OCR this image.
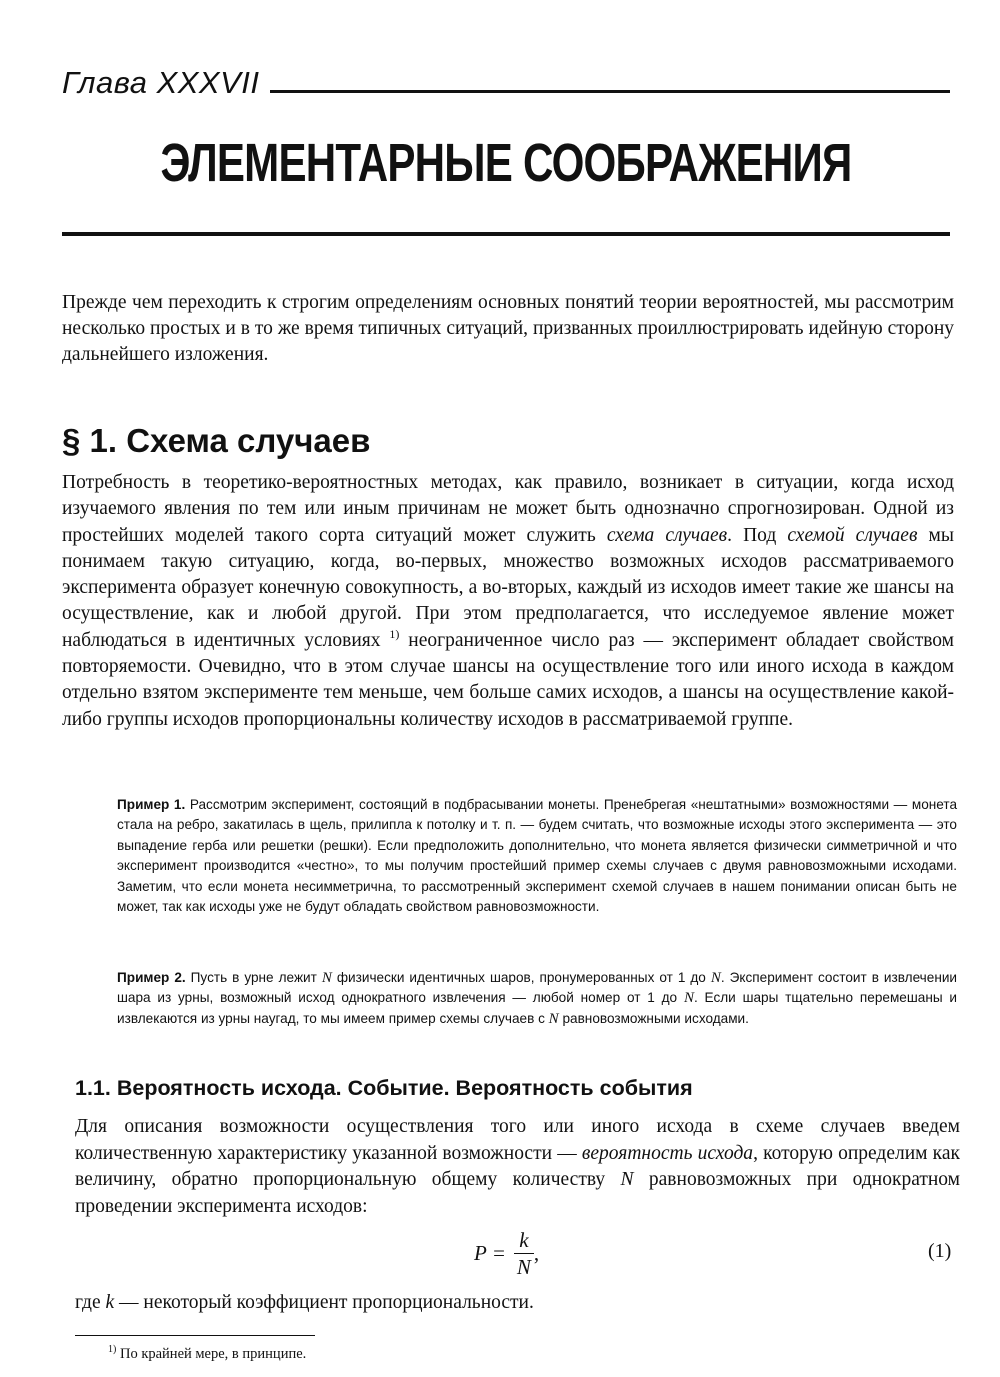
Глава XXXVII
ЭЛЕМЕНТАРНЫЕ СООБРАЖЕНИЯ

Прежде чем переходить к строгим определениям основных понятий теории вероятностей, мы рассмотрим несколько простых и в то же время типичных ситуаций, призванных проиллюстрировать идейную сторону дальнейшего изложения.

§ 1. Схема случаев

Потребность в теоретико-вероятностных методах, как правило, возникает в ситуации, когда исход изучаемого явления по тем или иным причинам не может быть однозначно спрогнозирован. Одной из простейших моделей такого сорта ситуаций может служить схема случаев. Под схемой случаев мы понимаем такую ситуацию, когда, во-первых, множество возможных исходов рассматриваемого эксперимента образует конечную совокупность, а во-вторых, каждый из исходов имеет такие же шансы на осуществление, как и любой другой. При этом предполагается, что исследуемое явление может наблюдаться в идентичных условиях $^{1)}$ неограниченное число раз — эксперимент обладает свойством повторяемости. Очевидно, что в этом случае шансы на осуществление того или иного исхода в каждом отдельно взятом эксперименте тем меньше, чем больше самих исходов, а шансы на осуществление какой-либо группы исходов пропорциональны количеству исходов в рассматриваемой группе.

Пример 1. Рассмотрим эксперимент, состоящий в подбрасывании монеты. Пренебрегая «нештатными» возможностями — монета стала на ребро, закатилась в щель, прилипла к потолку и т. п. — будем считать, что возможные исходы этого эксперимента — это выпадение герба или решетки (решки). Если предположить дополнительно, что монета является физически симметричной и что эксперимент производится «честно», то мы получим простейший пример схемы случаев с двумя равновозможными исходами. Заметим, что если монета несимметрична, то рассмотренный эксперимент схемой случаев в нашем понимании описан быть не может, так как исходы уже не будут обладать свойством равновозможности.

Пример 2. Пусть в урне лежит N физически идентичных шаров, пронумерованных от 1 до N. Эксперимент состоит в извлечении шара из урны, возможный исход однократного извлечения — любой номер от 1 до N. Если шары тщательно перемешаны и извлекаются из урны наугад, то мы имеем пример схемы случаев с N равновозможными исходами.

1.1. Вероятность исхода. Событие. Вероятность события

Для описания возможности осуществления того или иного исхода в схеме случаев введем количественную характеристику указанной возможности — вероятность исхода, которую определим как величину, обратно пропорциональную общему количеству N равновозможных при однократном проведении эксперимента исходов:

$P = \frac{k}{N}$ ,	(1)

где k — некоторый коэффициент пропорциональности.

$^{1)}$ По крайней мере, в принципе.
